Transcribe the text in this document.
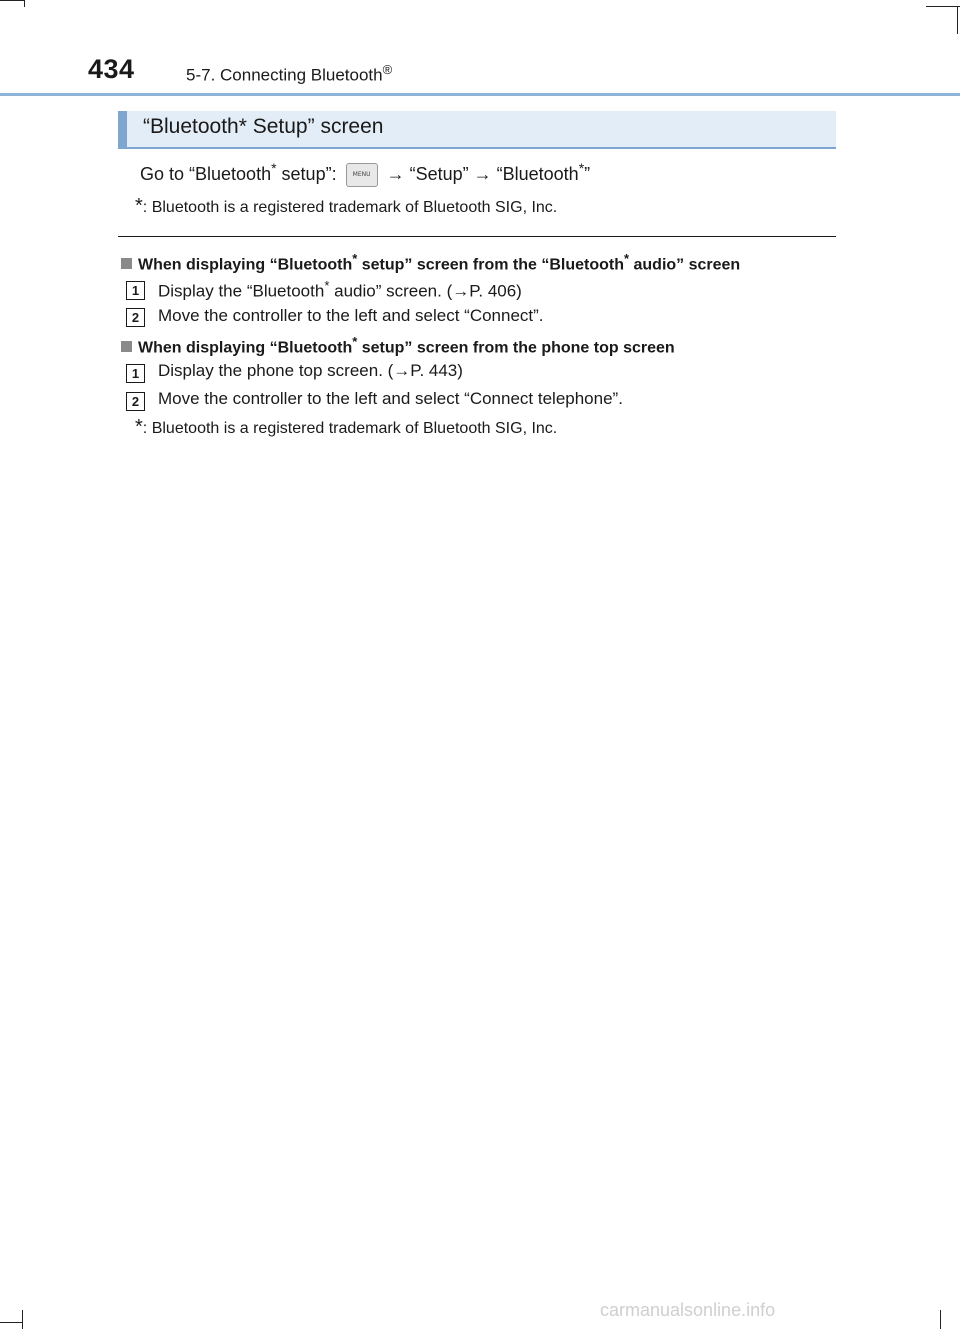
434	5-7. Connecting Bluetooth®
“Bluetooth* Setup” screen
Go to “Bluetooth* setup”:	MENU → “Setup” → “Bluetooth*”
*: Bluetooth is a registered trademark of Bluetooth SIG, Inc.
When displaying “Bluetooth* setup” screen from the “Bluetooth* audio” screen
1	Display the “Bluetooth* audio” screen. (→P. 406)
2	Move the controller to the left and select “Connect”.
When displaying “Bluetooth* setup” screen from the phone top screen
1	Display the phone top screen. (→P. 443)
2	Move the controller to the left and select “Connect telephone”.
*: Bluetooth is a registered trademark of Bluetooth SIG, Inc.
carmanualsonline.info
